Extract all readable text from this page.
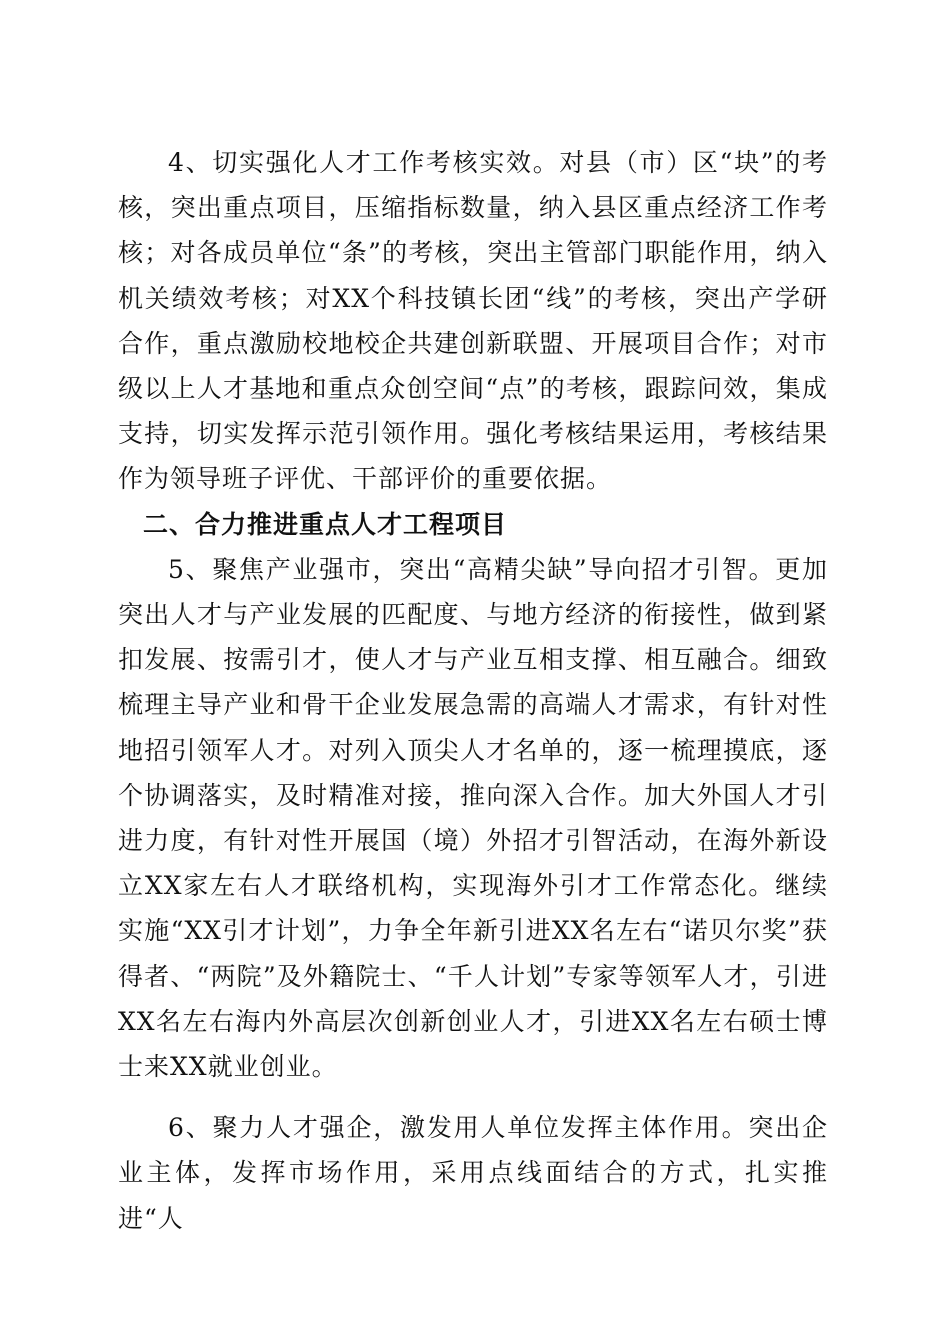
4、切实强化人才工作考核实效。对县（市）区“块”的考核，突出重点项目，压缩指标数量，纳入县区重点经济工作考核；对各成员单位“条”的考核，突出主管部门职能作用，纳入机关绩效考核；对XX个科技镇长团“线”的考核，突出产学研合作，重点激励校地校企共建创新联盟、开展项目合作；对市级以上人才基地和重点众创空间“点”的考核，跟踪问效，集成支持，切实发挥示范引领作用。强化考核结果运用，考核结果作为领导班子评优、干部评价的重要依据。

二、合力推进重点人才工程项目

5、聚焦产业强市，突出“高精尖缺”导向招才引智。更加突出人才与产业发展的匹配度、与地方经济的衔接性，做到紧扣发展、按需引才，使人才与产业互相支撑、相互融合。细致梳理主导产业和骨干企业发展急需的高端人才需求，有针对性地招引领军人才。对列入顶尖人才名单的，逐一梳理摸底，逐个协调落实，及时精准对接，推向深入合作。加大外国人才引进力度，有针对性开展国（境）外招才引智活动，在海外新设立XX家左右人才联络机构，实现海外引才工作常态化。继续实施“XX引才计划”，力争全年新引进XX名左右“诺贝尔奖”获得者、“两院”及外籍院士、“千人计划”专家等领军人才，引进XX名左右海内外高层次创新创业人才，引进XX名左右硕士博士来XX就业创业。

6、聚力人才强企，激发用人单位发挥主体作用。突出企业主体，发挥市场作用，采用点线面结合的方式，扎实推进“人
